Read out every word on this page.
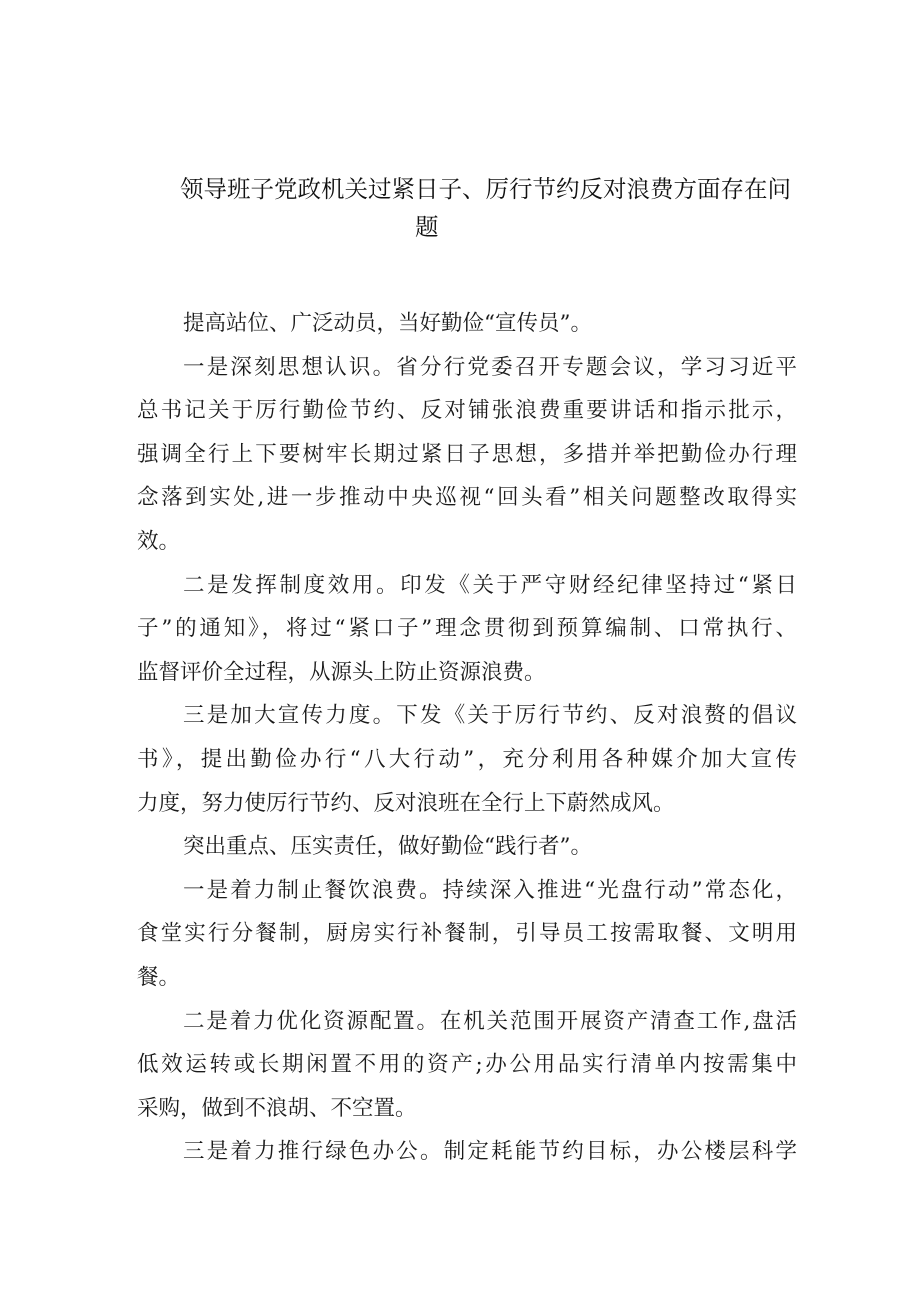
领导班子党政机关过紧日子、厉行节约反对浪费方面存在问
题

提高站位、广泛动员，当好勤俭“宣传员”。

一是深刻思想认识。省分行党委召开专题会议，学习习近平
总书记关于厉行勤俭节约、反对铺张浪费重要讲话和指示批示，
强调全行上下要树牢长期过紧日子思想，多措并举把勤俭办行理
念落到实处,进一步推动中央巡视“回头看”相关问题整改取得实
效。

二是发挥制度效用。印发《关于严守财经纪律坚持过“紧日
子”的通知》，将过“紧口子”理念贯彻到预算编制、口常执行、
监督评价全过程，从源头上防止资源浪费。

三是加大宣传力度。下发《关于厉行节约、反对浪赘的倡议
书》，提出勤俭办行“八大行动”，充分利用各种媒介加大宣传
力度，努力使厉行节约、反对浪班在全行上下蔚然成风。

突出重点、压实责任，做好勤俭“践行者”。

一是着力制止餐饮浪费。持续深入推进“光盘行动”常态化，
食堂实行分餐制，厨房实行补餐制，引导员工按需取餐、文明用
餐。

二是着力优化资源配置。在机关范围开展资产清查工作,盘活
低效运转或长期闲置不用的资产;办公用品实行清单内按需集中
采购，做到不浪胡、不空置。

三是着力推行绿色办公。制定耗能节约目标，办公楼层科学
